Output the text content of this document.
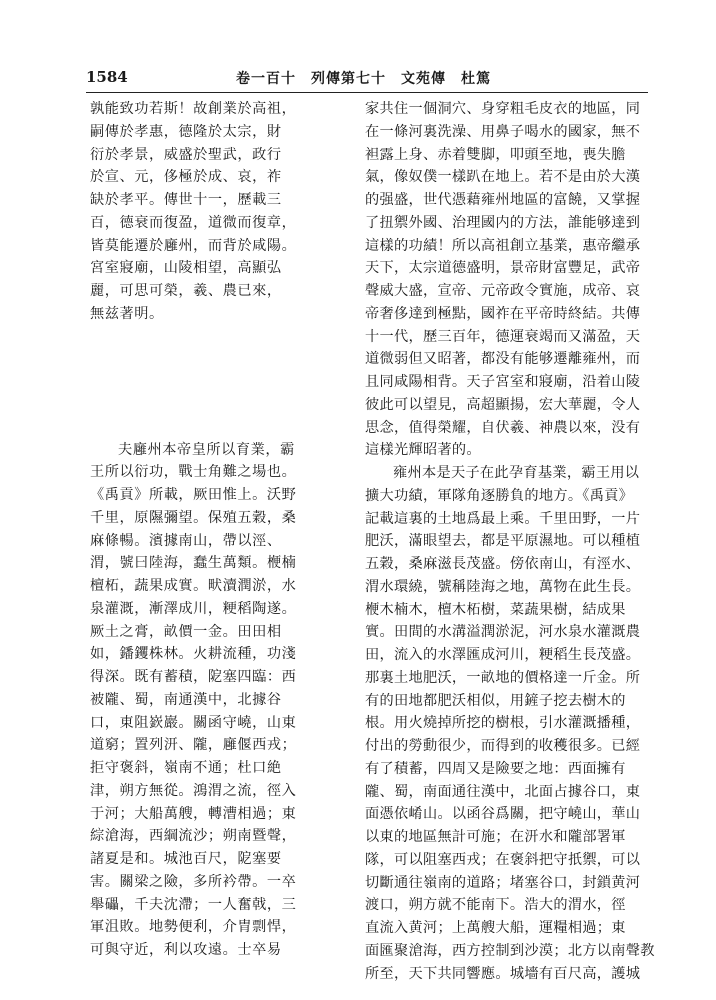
1584	卷一百十　列傳第七十　文苑傳　杜篤

孰能致功若斯！故創業於高祖，

嗣傳於孝惠，德隆於太宗，財

衍於孝景，威盛於聖武，政行

於宣、元，侈極於成、哀，祚

缺於孝平。傳世十一，歷載三

百，德衰而復盈，道微而復章，

皆莫能遷於廱州，而背於咸陽。

宮室寢廟，山陵相望，高顯弘

麗，可思可榮，羲、農已來，

無兹著明。

夫廱州本帝皇所以育業，霸

王所以衍功，戰士角難之場也。

《禹貢》所載，厥田惟上。沃野

千里，原隰彌望。保殖五穀，桑

麻條暢。濱據南山，帶以涇、

渭，號曰陸海，蠢生萬類。楩楠

檀柘，蔬果成實。畎瀆潤淤，水

泉灌溉，漸澤成川，粳稻陶遂。

厥土之膏，畝價一金。田田相

如，鐇钁株林。火耕流種，功淺

得深。既有蓄積，阸塞四臨：西

被隴、蜀，南通漢中，北據谷

口，東阻嶔巖。關函守嶢，山東

道窮；置列汧、隴，廱偃西戎；

拒守褒斜，嶺南不通；杜口絶

津，朔方無從。鴻渭之流，徑入

于河；大船萬艘，轉漕相過；東

綜滄海，西綱流沙；朔南暨聲，

諸夏是和。城池百尺，阸塞要

害。關梁之險，多所衿帶。一卒

舉礧，千夫沈滯；一人奮戟，三

軍沮敗。地勢便利，介胄剽悍，

可與守近，利以攻遠。士卒易

家共住一個洞穴、身穿粗毛皮衣的地區，同

在一條河裏洗澡、用鼻子喝水的國家，無不

袒露上身、赤着雙脚，叩頭至地，喪失膽

氣，像奴僕一樣趴在地上。若不是由於大漢

的强盛，世代憑藉雍州地區的富饒，又掌握

了扭禦外國、治理國内的方法，誰能够達到

這樣的功績！所以高祖創立基業，惠帝繼承

天下，太宗道德盛明，景帝財富豐足，武帝

聲威大盛，宣帝、元帝政令實施，成帝、哀

帝奢侈達到極點，國祚在平帝時終結。共傳

十一代，歷三百年，德運衰竭而又滿盈，天

道微弱但又昭著，都没有能够遷離雍州，而

且同咸陽相背。天子宮室和寢廟，沿着山陵

彼此可以望見，高超顯揚，宏大華麗，令人

思念，值得榮耀，自伏羲、神農以來，没有

這樣光輝昭著的。

雍州本是天子在此孕育基業，霸王用以

擴大功績，軍隊角逐勝負的地方。《禹貢》

記載這裏的土地爲最上乘。千里田野，一片

肥沃，滿眼望去，都是平原濕地。可以種植

五穀，桑麻滋長茂盛。傍依南山，有涇水、

渭水環繞，號稱陸海之地，萬物在此生長。

楩木楠木，檀木柘樹，菜蔬果樹，結成果

實。田間的水溝溢潤淤泥，河水泉水灌溉農

田，流入的水澤匯成河川，粳稻生長茂盛。

那裏土地肥沃，一畝地的價格達一斤金。所

有的田地都肥沃相似，用鏟子挖去樹木的

根。用火燒掉所挖的樹根，引水灌溉播種，

付出的勞動很少，而得到的收穫很多。已經

有了積蓄，四周又是險要之地：西面擁有

隴、蜀，南面通往漢中，北面占據谷口，東

面憑依崤山。以函谷爲關，把守嶢山，華山

以東的地區無計可施；在汧水和隴部署軍

隊，可以阻塞西戎；在褒斜把守扺禦，可以

切斷通往嶺南的道路；堵塞谷口，封鎖黄河

渡口，朔方就不能南下。浩大的渭水，徑

直流入黄河；上萬艘大船，運糧相過；東

面匯聚滄海，西方控制到沙漠；北方以南聲教

所至，天下共同響應。城墻有百尺高，護城
